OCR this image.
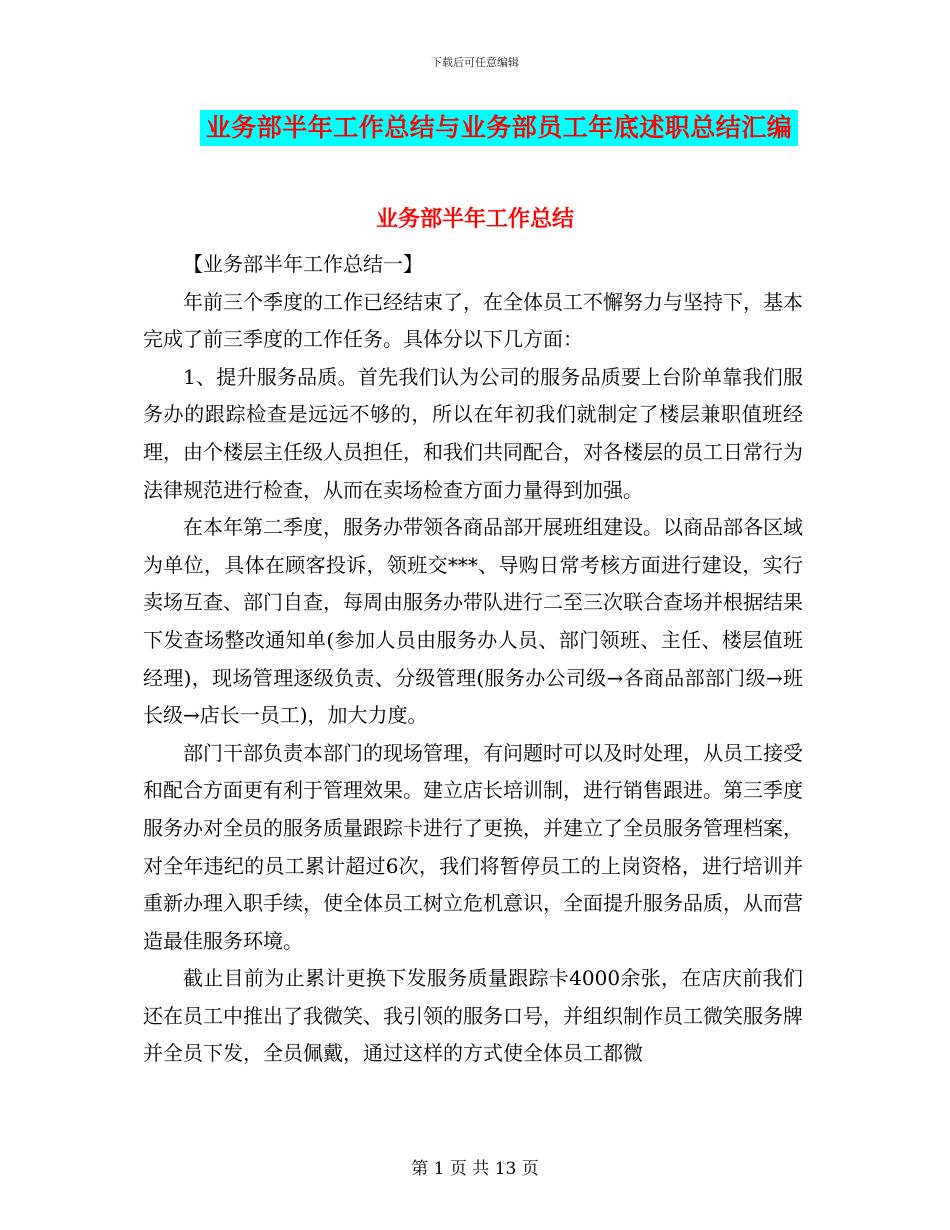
下载后可任意编辑
业务部半年工作总结与业务部员工年底述职总结汇编
业务部半年工作总结

【业务部半年工作总结一】

年前三个季度的工作已经结束了，在全体员工不懈努力与坚持下，基本完成了前三季度的工作任务。具体分以下几方面：

1、提升服务品质。首先我们认为公司的服务品质要上台阶单靠我们服务办的跟踪检查是远远不够的，所以在年初我们就制定了楼层兼职值班经理，由个楼层主任级人员担任，和我们共同配合，对各楼层的员工日常行为法律规范进行检查，从而在卖场检查方面力量得到加强。

在本年第二季度，服务办带领各商品部开展班组建设。以商品部各区域为单位，具体在顾客投诉，领班交***、导购日常考核方面进行建设，实行卖场互查、部门自查，每周由服务办带队进行二至三次联合查场并根据结果下发查场整改通知单(参加人员由服务办人员、部门领班、主任、楼层值班经理)，现场管理逐级负责、分级管理(服务办公司级→各商品部部门级→班长级→店长一员工)，加大力度。

部门干部负责本部门的现场管理，有问题时可以及时处理，从员工接受和配合方面更有利于管理效果。建立店长培训制，进行销售跟进。第三季度服务办对全员的服务质量跟踪卡进行了更换，并建立了全员服务管理档案，对全年违纪的员工累计超过6次，我们将暂停员工的上岗资格，进行培训并重新办理入职手续，使全体员工树立危机意识，全面提升服务品质，从而营造最佳服务环境。

截止目前为止累计更换下发服务质量跟踪卡4000余张，在店庆前我们还在员工中推出了我微笑、我引领的服务口号，并组织制作员工微笑服务牌并全员下发，全员佩戴，通过这样的方式使全体员工都微

第 1 页 共 13 页
